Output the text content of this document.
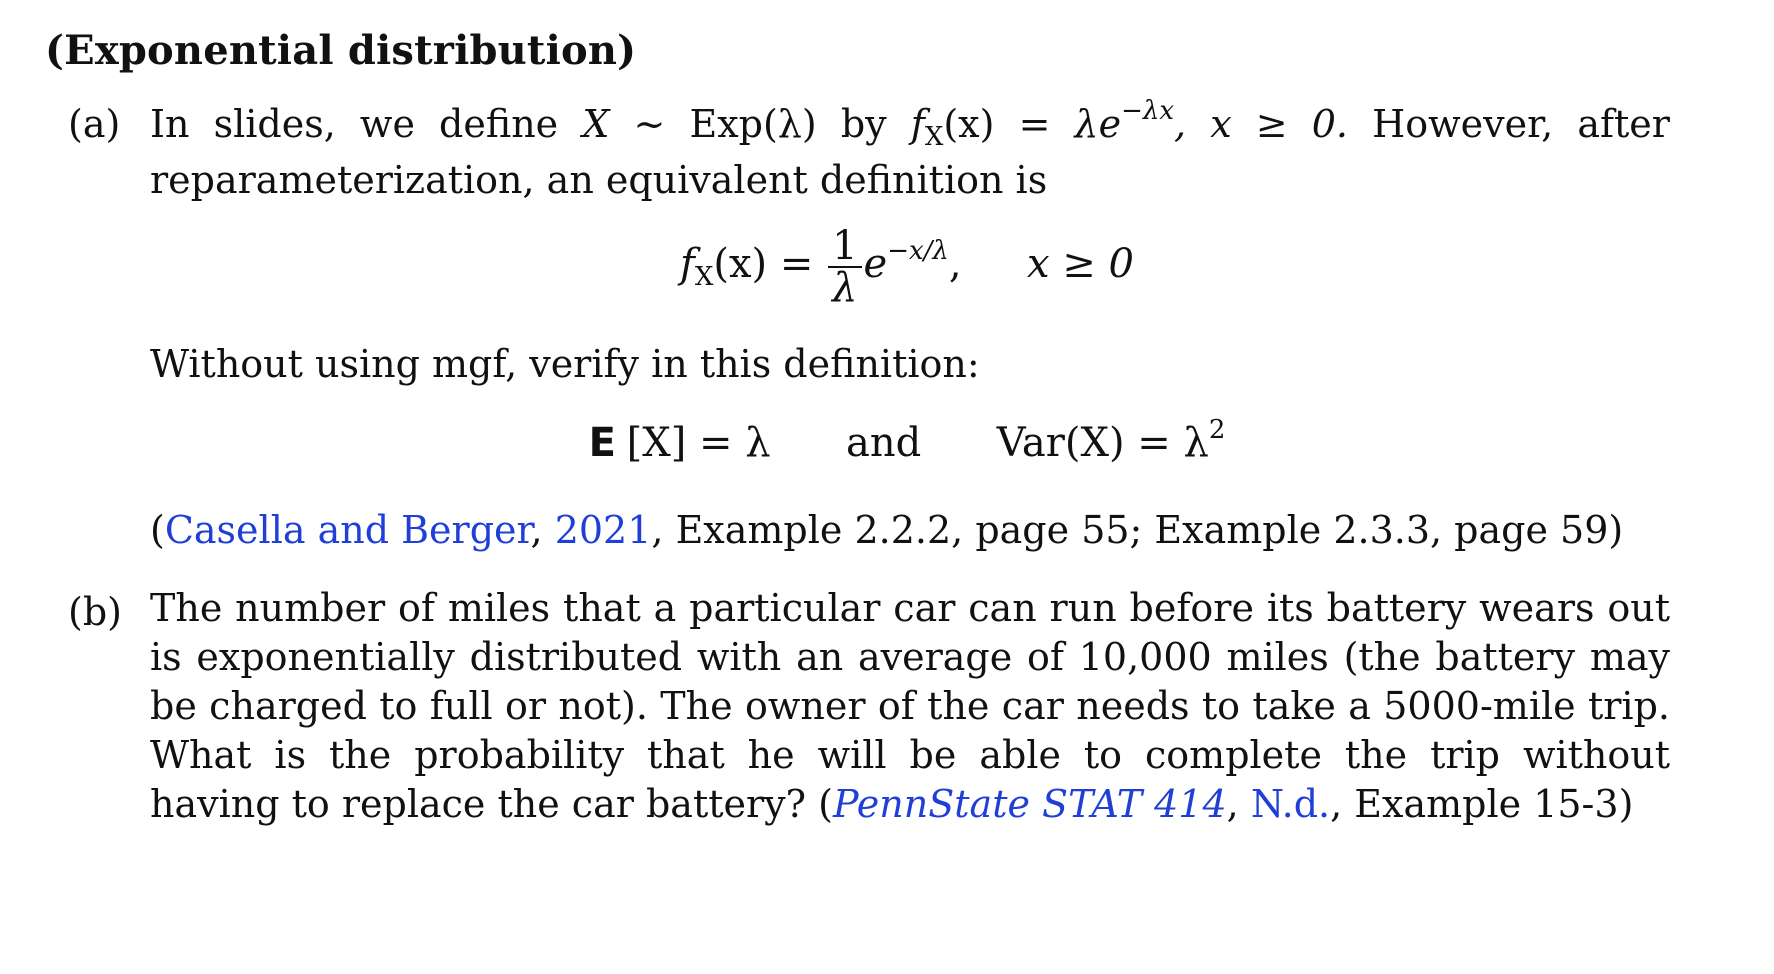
(Exponential distribution)
(a) In slides, we define X ∼ Exp(λ) by $f_X(x) = \lambda e^{-\lambda x}$, x ≥ 0. However, after

reparameterization, an equivalent definition is

$f_X(x) = \frac{1}{\lambda} e^{-x/\lambda}$, x ≥ 0
Without using mgf, verify in this definition:
E [X] = λ and $Var(X) = \lambda^2$
(Casella and Berger, 2021, Example 2.2.2, page 55; Example 2.3.3, page 59)
(b) The number of miles that a particular car can run before its battery wears out is exponentially distributed with an average of 10,000 miles (the battery may be charged to full or not). The owner of the car needs to take a 5000-mile trip. What is the probability that he will be able to complete the trip without having to replace the car battery? (PennState STAT 414, N.d., Example 15-3)
